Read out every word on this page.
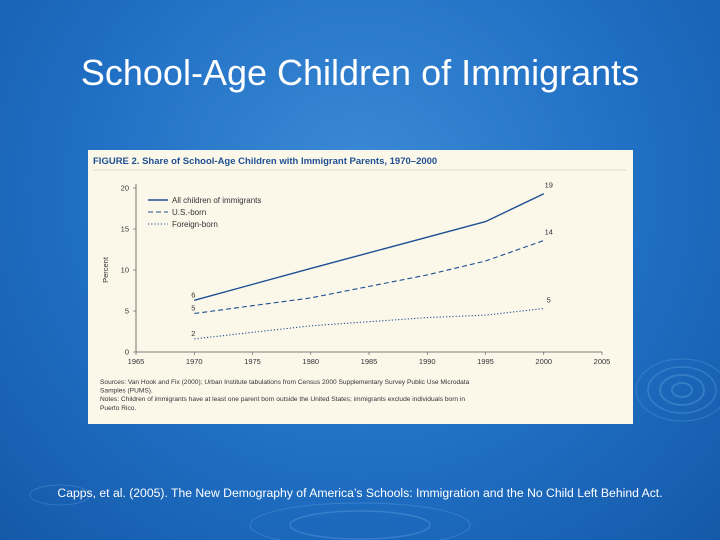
School-Age Children of Immigrants
FIGURE 2. Share of School-Age Children with Immigrant Parents, 1970–2000
Percent
0
5
10
15
20
1965	1970	1975	1980	1985	1990	1995	2000	2005
All children of immigrants
U.S.-born
Foreign-born
6
19
5
14
2
5
Sources: Van Hook and Fix (2000); Urban Institute tabulations from Census 2000 Supplementary Survey Public Use Microdata
Samples (PUMS).
Notes: Children of immigrants have at least one parent born outside the United States; immigrants exclude individuals born in
Puerto Rico.
Capps, et al. (2005). The New Demography of America’s Schools: Immigration and the No Child Left Behind Act.
